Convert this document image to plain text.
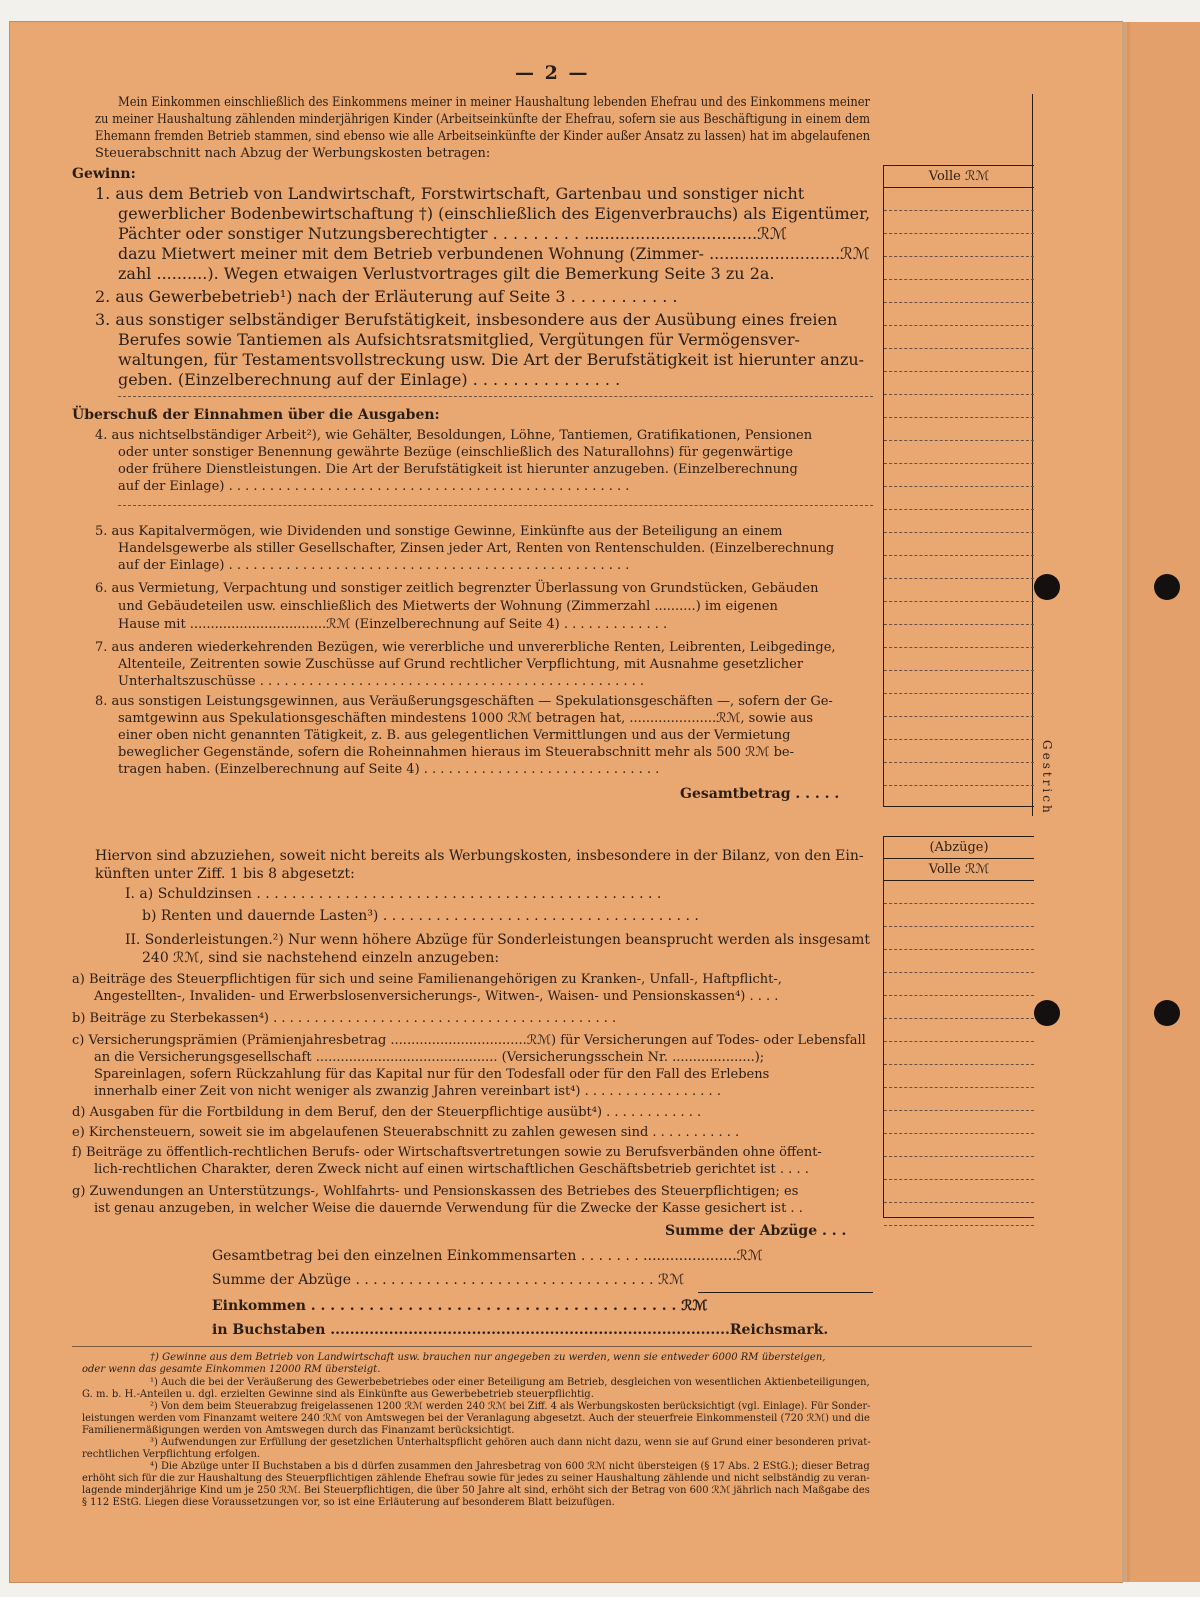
— 2 —
Volle ℛℳ
(Abzüge)
Volle ℛℳ
Gestrich
Mein Einkommen einschließlich des Einkommens meiner in meiner Haushaltung lebenden Ehefrau und des Einkommens meiner
zu meiner Haushaltung zählenden minderjährigen Kinder (Arbeitseinkünfte der Ehefrau, sofern sie aus Beschäftigung in einem dem
Ehemann fremden Betrieb stammen, sind ebenso wie alle Arbeitseinkünfte der Kinder außer Ansatz zu lassen) hat im abgelaufenen
Steuerabschnitt nach Abzug der Werbungskosten betragen:
Gewinn:
1. aus dem Betrieb von Landwirtschaft, Forstwirtschaft, Gartenbau und sonstiger nicht
gewerblicher Bodenbewirtschaftung †) (einschließlich des Eigenverbrauchs) als Eigentümer,
Pächter oder sonstiger Nutzungsberechtigter . . . . . . . . . ..................................ℛℳ
dazu Mietwert meiner mit dem Betrieb verbundenen Wohnung (Zimmer- ..........................ℛℳ
zahl ..........). Wegen etwaigen Verlustvortrages gilt die Bemerkung Seite 3 zu 2a.
2. aus Gewerbebetrieb¹) nach der Erläuterung auf Seite 3 . . . . . . . . . . .
3. aus sonstiger selbständiger Berufstätigkeit, insbesondere aus der Ausübung eines freien
Berufes sowie Tantiemen als Aufsichtsratsmitglied, Vergütungen für Vermögensver-
waltungen, für Testamentsvollstreckung usw. Die Art der Berufstätigkeit ist hierunter anzu-
geben. (Einzelberechnung auf der Einlage) . . . . . . . . . . . . . . .
Überschuß der Einnahmen über die Ausgaben:
4. aus nichtselbständiger Arbeit²), wie Gehälter, Besoldungen, Löhne, Tantiemen, Gratifikationen, Pensionen
oder unter sonstiger Benennung gewährte Bezüge (einschließlich des Naturallohns) für gegenwärtige
oder frühere Dienstleistungen. Die Art der Berufstätigkeit ist hierunter anzugeben. (Einzelberechnung
auf der Einlage) . . . . . . . . . . . . . . . . . . . . . . . . . . . . . . . . . . . . . . . . . . . . . . . . .
5. aus Kapitalvermögen, wie Dividenden und sonstige Gewinne, Einkünfte aus der Beteiligung an einem
Handelsgewerbe als stiller Gesellschafter, Zinsen jeder Art, Renten von Rentenschulden. (Einzelberechnung
auf der Einlage) . . . . . . . . . . . . . . . . . . . . . . . . . . . . . . . . . . . . . . . . . . . . . . . . .
6. aus Vermietung, Verpachtung und sonstiger zeitlich begrenzter Überlassung von Grundstücken, Gebäuden
und Gebäudeteilen usw. einschließlich des Mietwerts der Wohnung (Zimmerzahl ..........) im eigenen
Hause mit .................................ℛℳ (Einzelberechnung auf Seite 4) . . . . . . . . . . . . .
7. aus anderen wiederkehrenden Bezügen, wie vererbliche und unvererbliche Renten, Leibrenten, Leibgedinge,
Altenteile, Zeitrenten sowie Zuschüsse auf Grund rechtlicher Verpflichtung, mit Ausnahme gesetzlicher
Unterhaltszuschüsse . . . . . . . . . . . . . . . . . . . . . . . . . . . . . . . . . . . . . . . . . . . . . . .
8. aus sonstigen Leistungsgewinnen, aus Veräußerungsgeschäften — Spekulationsgeschäften —, sofern der Ge-
samtgewinn aus Spekulationsgeschäften mindestens 1000 ℛℳ betragen hat, .....................ℛℳ, sowie aus
einer oben nicht genannten Tätigkeit, z. B. aus gelegentlichen Vermittlungen und aus der Vermietung
beweglicher Gegenstände, sofern die Roheinnahmen hieraus im Steuerabschnitt mehr als 500 ℛℳ be-
tragen haben. (Einzelberechnung auf Seite 4) . . . . . . . . . . . . . . . . . . . . . . . . . . . . .
Gesamtbetrag . . . . .
Hiervon sind abzuziehen, soweit nicht bereits als Werbungskosten, insbesondere in der Bilanz, von den Ein-
künften unter Ziff. 1 bis 8 abgesetzt:
I. a) Schuldzinsen . . . . . . . . . . . . . . . . . . . . . . . . . . . . . . . . . . . . . . . . . . . . . .
b) Renten und dauernde Lasten³) . . . . . . . . . . . . . . . . . . . . . . . . . . . . . . . . . . . .
II. Sonderleistungen.²) Nur wenn höhere Abzüge für Sonderleistungen beansprucht werden als insgesamt
240 ℛℳ, sind sie nachstehend einzeln anzugeben:
a) Beiträge des Steuerpflichtigen für sich und seine Familienangehörigen zu Kranken-, Unfall-, Haftpflicht-,
Angestellten-, Invaliden- und Erwerbslosenversicherungs-, Witwen-, Waisen- und Pensionskassen⁴) . . . .
b) Beiträge zu Sterbekassen⁴) . . . . . . . . . . . . . . . . . . . . . . . . . . . . . . . . . . . . . . . . . .
c) Versicherungsprämien (Prämienjahresbetrag .................................ℛℳ) für Versicherungen auf Todes- oder Lebensfall
an die Versicherungsgesellschaft ............................................ (Versicherungsschein Nr. ....................);
Spareinlagen, sofern Rückzahlung für das Kapital nur für den Todesfall oder für den Fall des Erlebens
innerhalb einer Zeit von nicht weniger als zwanzig Jahren vereinbart ist⁴) . . . . . . . . . . . . . . . . .
d) Ausgaben für die Fortbildung in dem Beruf, den der Steuerpflichtige ausübt⁴) . . . . . . . . . . . .
e) Kirchensteuern, soweit sie im abgelaufenen Steuerabschnitt zu zahlen gewesen sind . . . . . . . . . . .
f) Beiträge zu öffentlich-rechtlichen Berufs- oder Wirtschaftsvertretungen sowie zu Berufsverbänden ohne öffent-
lich-rechtlichen Charakter, deren Zweck nicht auf einen wirtschaftlichen Geschäftsbetrieb gerichtet ist . . . .
g) Zuwendungen an Unterstützungs-, Wohlfahrts- und Pensionskassen des Betriebes des Steuerpflichtigen; es
ist genau anzugeben, in welcher Weise die dauernde Verwendung für die Zwecke der Kasse gesichert ist . .
Summe der Abzüge . . .
Gesamtbetrag bei den einzelnen Einkommensarten . . . . . . . .....................ℛℳ
Summe der Abzüge . . . . . . . . . . . . . . . . . . . . . . . . . . . . . . . . . . ℛℳ
Einkommen . . . . . . . . . . . . . . . . . . . . . . . . . . . . . . . . . . . . . . ℛℳ
in Buchstaben ..................................................................................Reichsmark.
†) Gewinne aus dem Betrieb von Landwirtschaft usw. brauchen nur angegeben zu werden, wenn sie entweder 6000 RM übersteigen,
oder wenn das gesamte Einkommen 12000 RM übersteigt.
¹) Auch die bei der Veräußerung des Gewerbebetriebes oder einer Beteiligung am Betrieb, desgleichen von wesentlichen Aktienbeteiligungen,
G. m. b. H.-Anteilen u. dgl. erzielten Gewinne sind als Einkünfte aus Gewerbebetrieb steuerpflichtig.
²) Von dem beim Steuerabzug freigelassenen 1200 ℛℳ werden 240 ℛℳ bei Ziff. 4 als Werbungskosten berücksichtigt (vgl. Einlage). Für Sonder-
leistungen werden vom Finanzamt weitere 240 ℛℳ von Amtswegen bei der Veranlagung abgesetzt. Auch der steuerfreie Einkommensteil (720 ℛℳ) und die
Familienermäßigungen werden von Amtswegen durch das Finanzamt berücksichtigt.
³) Aufwendungen zur Erfüllung der gesetzlichen Unterhaltspflicht gehören auch dann nicht dazu, wenn sie auf Grund einer besonderen privat-
rechtlichen Verpflichtung erfolgen.
⁴) Die Abzüge unter II Buchstaben a bis d dürfen zusammen den Jahresbetrag von 600 ℛℳ nicht übersteigen (§ 17 Abs. 2 EStG.); dieser Betrag
erhöht sich für die zur Haushaltung des Steuerpflichtigen zählende Ehefrau sowie für jedes zu seiner Haushaltung zählende und nicht selbständig zu veran-
lagende minderjährige Kind um je 250 ℛℳ. Bei Steuerpflichtigen, die über 50 Jahre alt sind, erhöht sich der Betrag von 600 ℛℳ jährlich nach Maßgabe des
§ 112 EStG. Liegen diese Voraussetzungen vor, so ist eine Erläuterung auf besonderem Blatt beizufügen.
